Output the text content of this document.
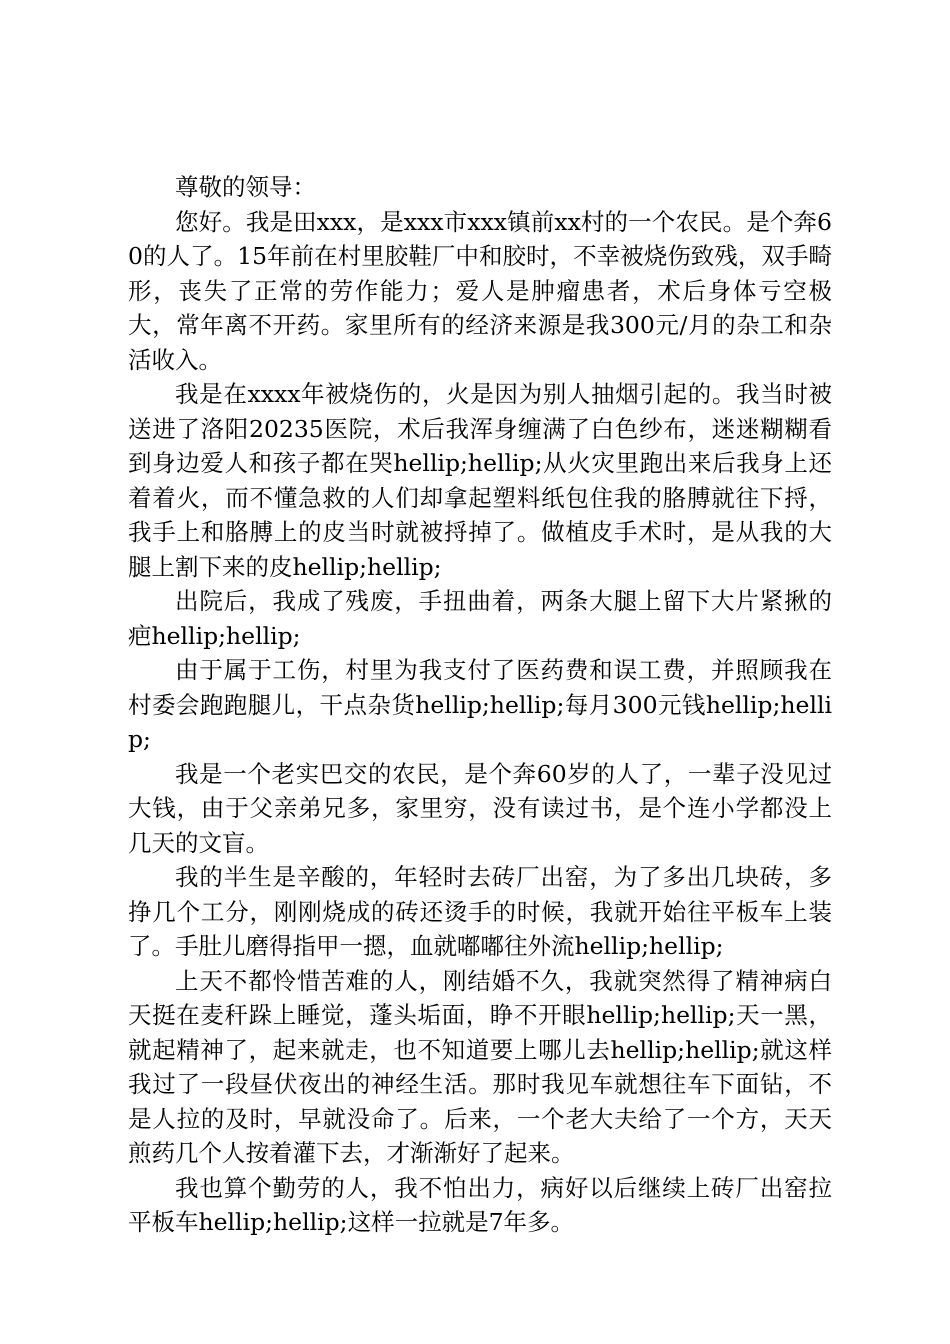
尊敬的领导：

您好。我是田xxx，是xxx市xxx镇前xx村的一个农民。是个奔60的人了。15年前在村里胶鞋厂中和胶时，不幸被烧伤致残，双手畸形，丧失了正常的劳作能力；爱人是肿瘤患者，术后身体亏空极大，常年离不开药。家里所有的经济来源是我300元/月的杂工和杂活收入。

我是在xxxx年被烧伤的，火是因为别人抽烟引起的。我当时被送进了洛阳20235医院，术后我浑身缠满了白色纱布，迷迷糊糊看到身边爱人和孩子都在哭hellip;hellip;从火灾里跑出来后我身上还着着火，而不懂急救的人们却拿起塑料纸包住我的胳膊就往下捋，我手上和胳膊上的皮当时就被捋掉了。做植皮手术时，是从我的大腿上割下来的皮hellip;hellip;

出院后，我成了残废，手扭曲着，两条大腿上留下大片紧揪的疤hellip;hellip;

由于属于工伤，村里为我支付了医药费和误工费，并照顾我在村委会跑跑腿儿，干点杂货hellip;hellip;每月300元钱hellip;hellip;

我是一个老实巴交的农民，是个奔60岁的人了，一辈子没见过大钱，由于父亲弟兄多，家里穷，没有读过书，是个连小学都没上几天的文盲。

我的半生是辛酸的，年轻时去砖厂出窑，为了多出几块砖，多挣几个工分，刚刚烧成的砖还烫手的时候，我就开始往平板车上装了。手肚儿磨得指甲一摁，血就嘟嘟往外流hellip;hellip;

上天不都怜惜苦难的人，刚结婚不久，我就突然得了精神病白天挺在麦秆跺上睡觉，蓬头垢面，睁不开眼hellip;hellip;天一黑，就起精神了，起来就走，也不知道要上哪儿去hellip;hellip;就这样我过了一段昼伏夜出的神经生活。那时我见车就想往车下面钻，不是人拉的及时，早就没命了。后来，一个老大夫给了一个方，天天煎药几个人按着灌下去，才渐渐好了起来。

我也算个勤劳的人，我不怕出力，病好以后继续上砖厂出窑拉平板车hellip;hellip;这样一拉就是7年多。
